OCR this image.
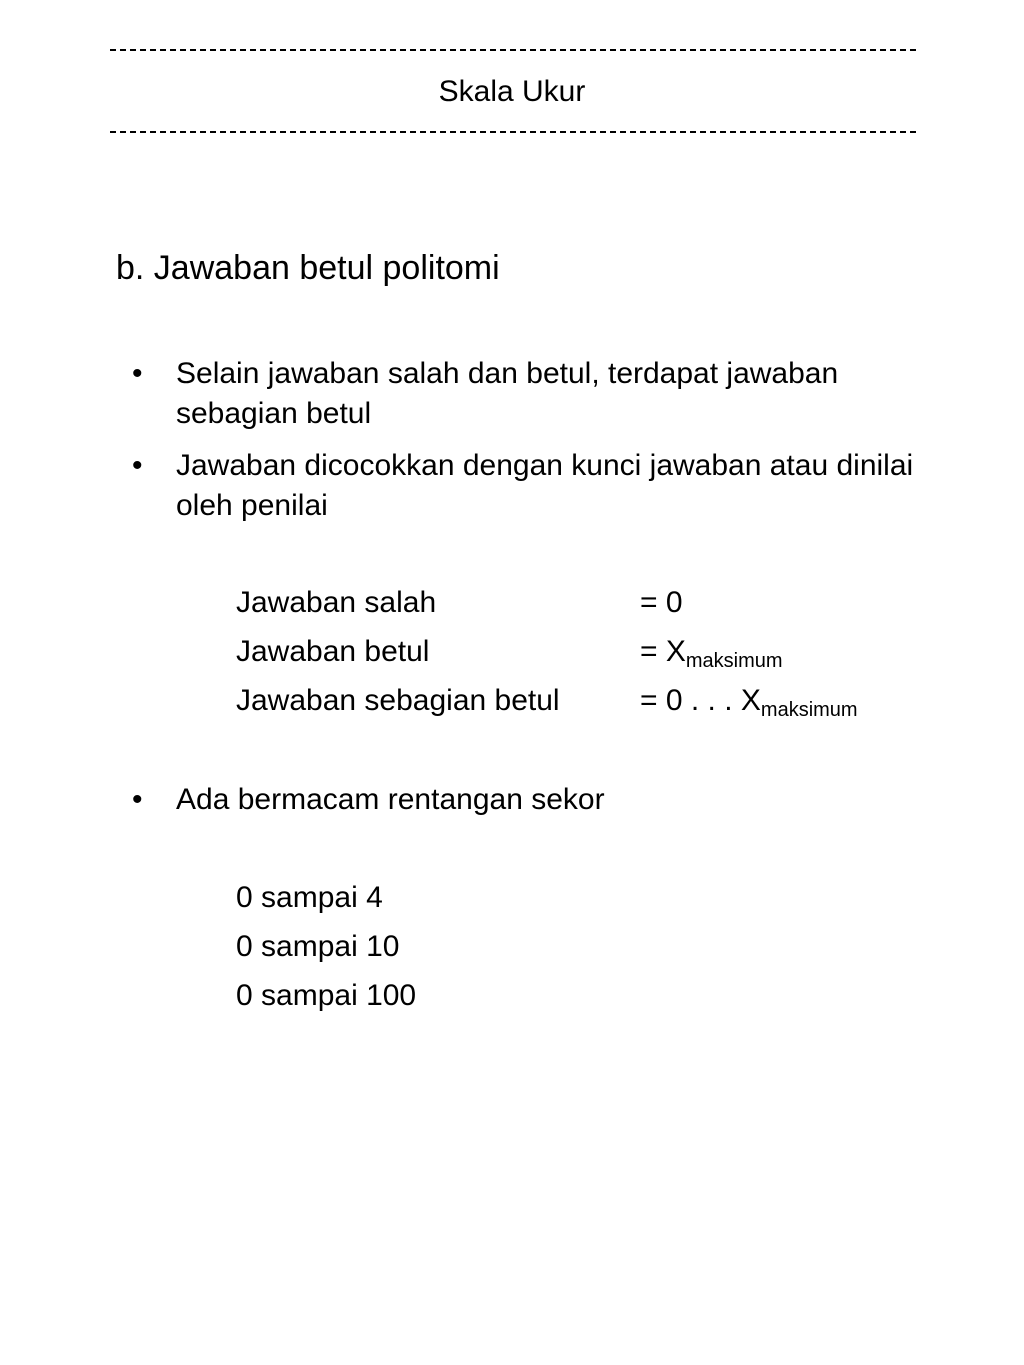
Skala Ukur
b. Jawaban betul politomi
•	Selain jawaban salah dan betul, terdapat jawaban sebagian betul
•	Jawaban dicocokkan dengan kunci jawaban atau dinilai oleh penilai
Jawaban salah	= 0
Jawaban betul	= $X_{maksimum}$
Jawaban sebagian betul	= 0 . . . $X_{maksimum}$
•	Ada bermacam rentangan sekor
0 sampai 4
0 sampai 10
0 sampai 100
